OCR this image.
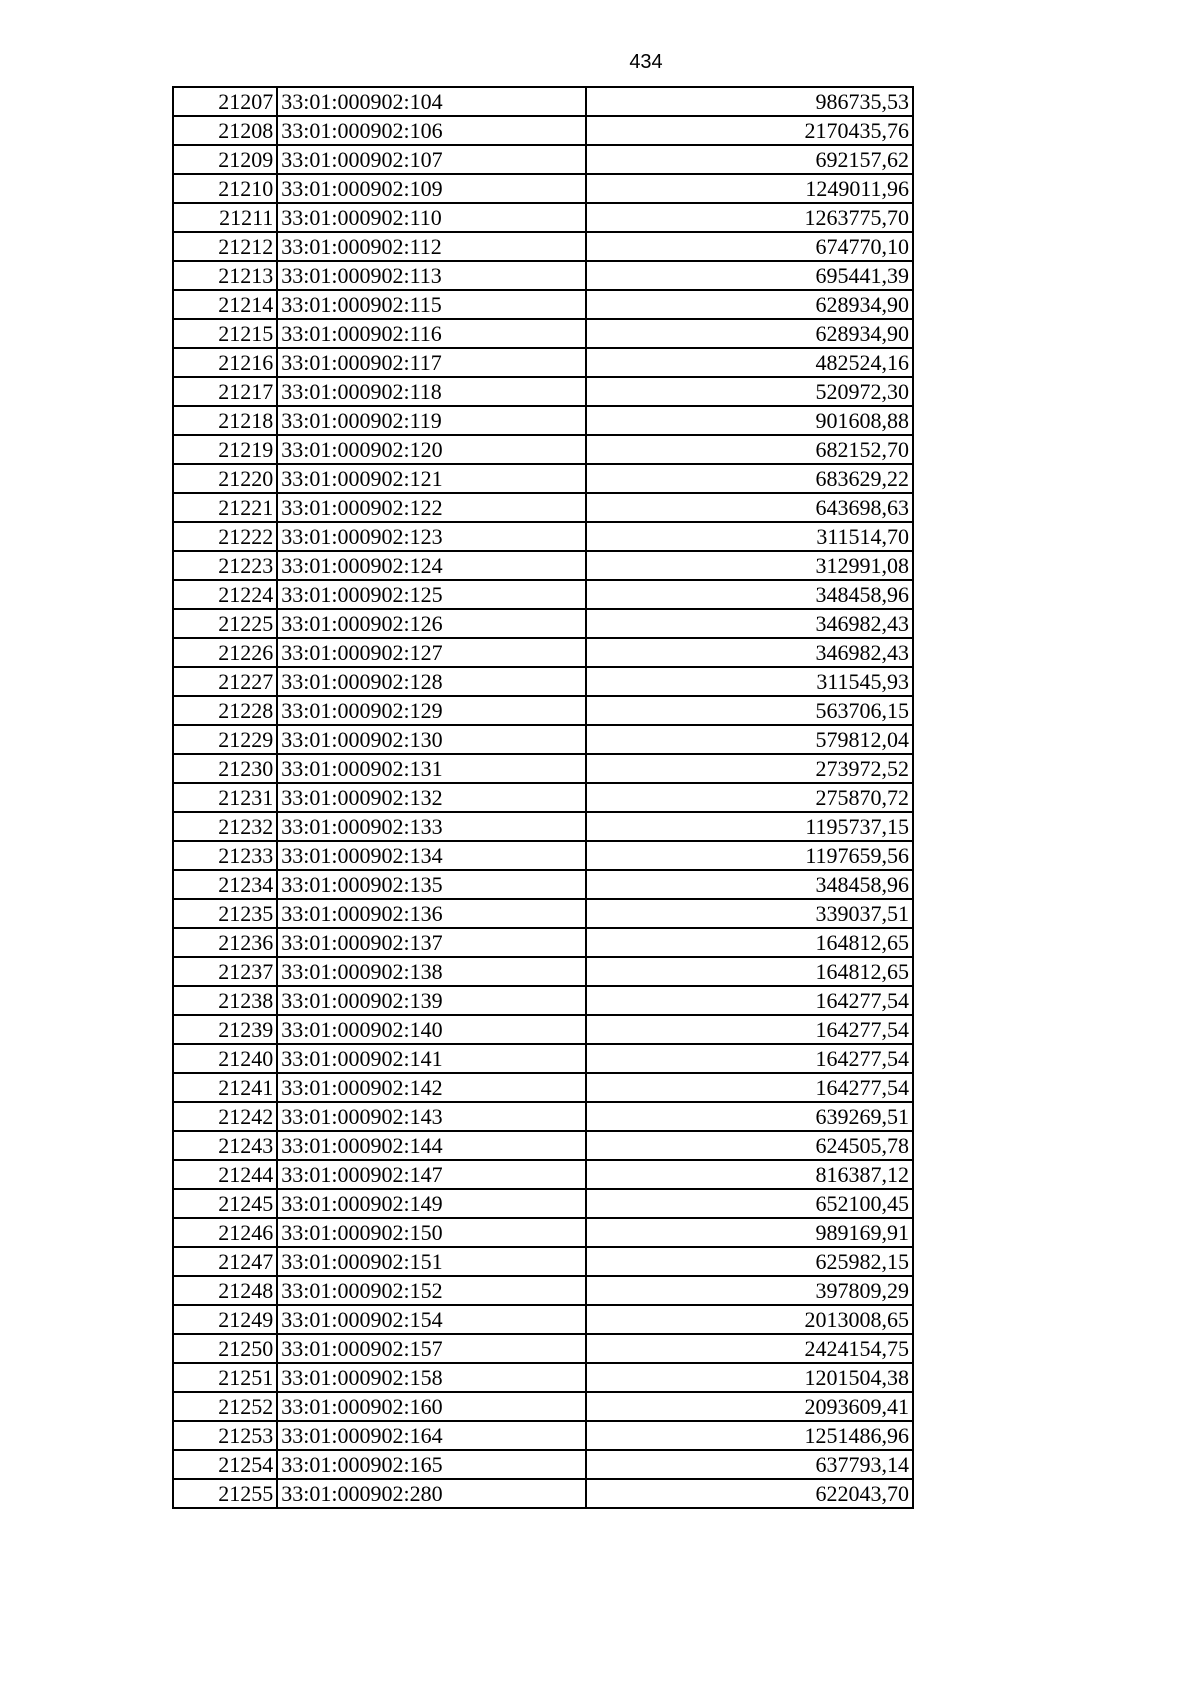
434
21207	33:01:000902:104	986735,53
21208	33:01:000902:106	2170435,76
21209	33:01:000902:107	692157,62
21210	33:01:000902:109	1249011,96
21211	33:01:000902:110	1263775,70
21212	33:01:000902:112	674770,10
21213	33:01:000902:113	695441,39
21214	33:01:000902:115	628934,90
21215	33:01:000902:116	628934,90
21216	33:01:000902:117	482524,16
21217	33:01:000902:118	520972,30
21218	33:01:000902:119	901608,88
21219	33:01:000902:120	682152,70
21220	33:01:000902:121	683629,22
21221	33:01:000902:122	643698,63
21222	33:01:000902:123	311514,70
21223	33:01:000902:124	312991,08
21224	33:01:000902:125	348458,96
21225	33:01:000902:126	346982,43
21226	33:01:000902:127	346982,43
21227	33:01:000902:128	311545,93
21228	33:01:000902:129	563706,15
21229	33:01:000902:130	579812,04
21230	33:01:000902:131	273972,52
21231	33:01:000902:132	275870,72
21232	33:01:000902:133	1195737,15
21233	33:01:000902:134	1197659,56
21234	33:01:000902:135	348458,96
21235	33:01:000902:136	339037,51
21236	33:01:000902:137	164812,65
21237	33:01:000902:138	164812,65
21238	33:01:000902:139	164277,54
21239	33:01:000902:140	164277,54
21240	33:01:000902:141	164277,54
21241	33:01:000902:142	164277,54
21242	33:01:000902:143	639269,51
21243	33:01:000902:144	624505,78
21244	33:01:000902:147	816387,12
21245	33:01:000902:149	652100,45
21246	33:01:000902:150	989169,91
21247	33:01:000902:151	625982,15
21248	33:01:000902:152	397809,29
21249	33:01:000902:154	2013008,65
21250	33:01:000902:157	2424154,75
21251	33:01:000902:158	1201504,38
21252	33:01:000902:160	2093609,41
21253	33:01:000902:164	1251486,96
21254	33:01:000902:165	637793,14
21255	33:01:000902:280	622043,70
